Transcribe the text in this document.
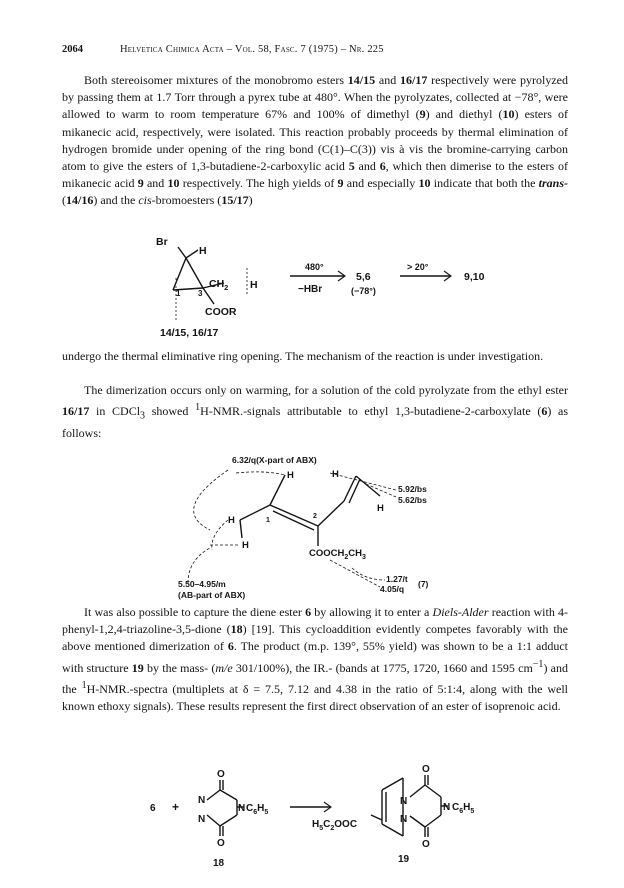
2064	Helvetica Chimica Acta – Vol. 58, Fasc. 7 (1975) – Nr. 225

Both stereoisomer mixtures of the monobromo esters 14/15 and 16/17 respectively were pyrolyzed by passing them at 1.7 Torr through a pyrex tube at 480°. When the pyrolyzates, collected at −78°, were allowed to warm to room temperature 67% and 100% of dimethyl (9) and diethyl (10) esters of mikanecic acid, respectively, were isolated. This reaction probably proceeds by thermal elimination of hydrogen bromide under opening of the ring bond (C(1)–C(3)) vis à vis the bromine-carrying carbon atom to give the esters of 1,3-butadiene-2-carboxylic acid 5 and 6, which then dimerise to the esters of mikanecic acid 9 and 10 respectively. The high yields of 9 and especially 10 indicate that both the trans- (14/16) and the cis-bromoesters (15/17)

Br
H
$CH_2$ H
1 3
COOR
480°
−HBr
5,6
(−78°)
> 20°
9,10
14/15, 16/17

undergo the thermal eliminative ring opening. The mechanism of the reaction is under investigation.

The dimerization occurs only on warming, for a solution of the cold pyrolyzate from the ethyl ester 16/17 in CDCl$_3$ showed $^1$H-NMR.-signals attributable to ethyl 1,3-butadiene-2-carboxylate (6) as follows:

6.32/q(X-part of ABX)
H	H
5.92/bs
5.62/bs
H
H
H
1
2
$COOCH_2CH_3$
5.50–4.95/m
(AB-part of ABX)
1.27/t
4.05/q (7)

It was also possible to capture the diene ester 6 by allowing it to enter a Diels-Alder reaction with 4-phenyl-1,2,4-triazoline-3,5-dione (18) [19]. This cycloaddition evidently competes favorably with the above mentioned dimerization of 6. The product (m.p. 139°, 55% yield) was shown to be a 1:1 adduct with structure 19 by the mass- (m/e 301/100%), the IR.- (bands at 1775, 1720, 1660 and 1595 $cm^{-1}$) and the $^1$H-NMR.-spectra (multiplets at δ = 7.5, 7.12 and 4.38 in the ratio of 5:1:4, along with the well known ethoxy signals). These results represent the first direct observation of an ester of isoprenoic acid.

6 +
O
O
N
N
N $C_6H_5$
18
O
O
N
N
N $C_6H_5$
$H_5C_2OOC$
19
